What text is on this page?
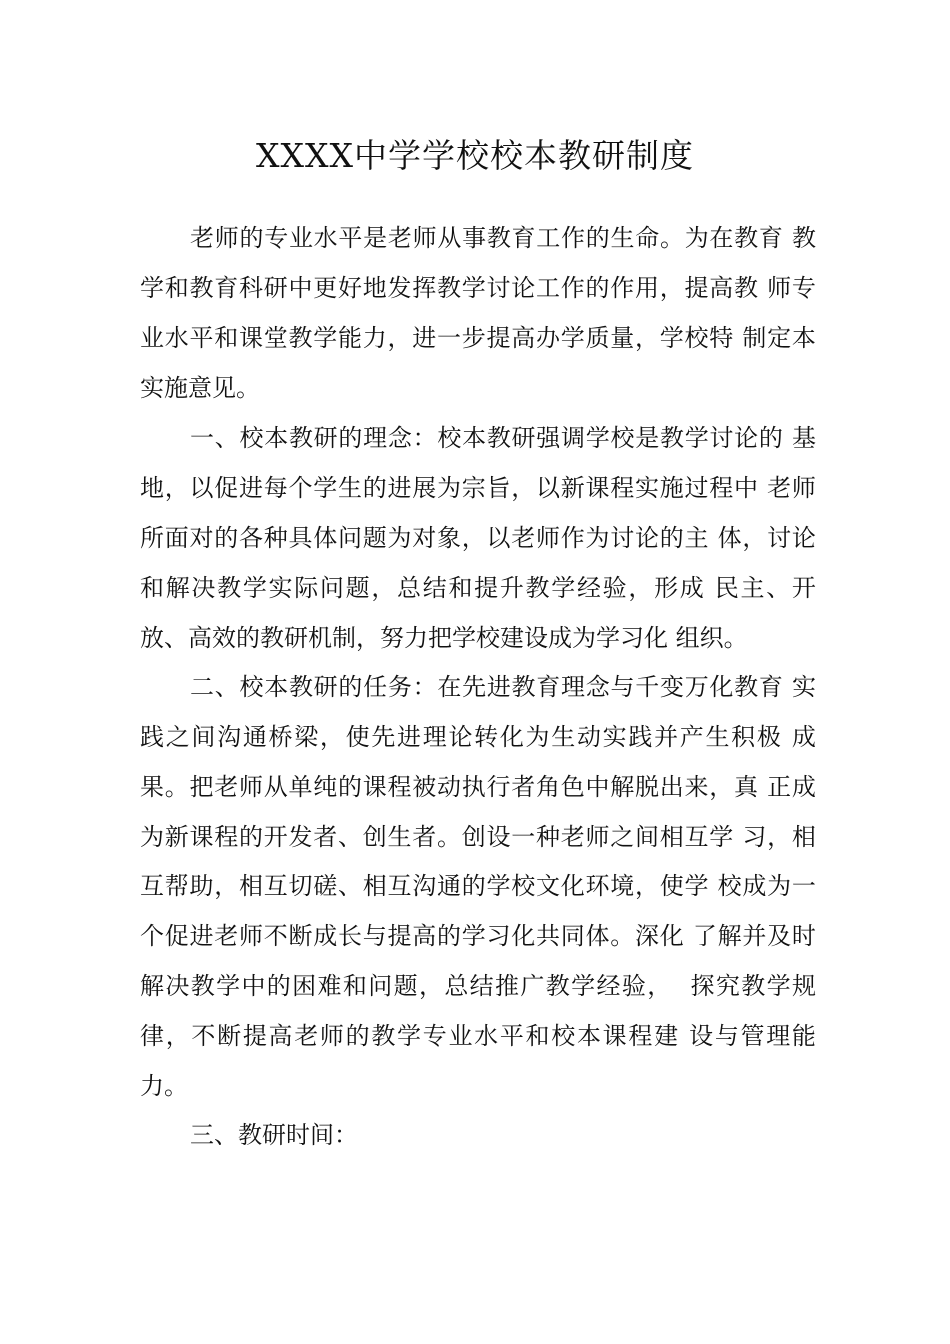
XXXX中学学校校本教研制度
老 师 的 专 业 水 平 是 老 师 从 事 教 育 工 作 的 生 命 。 为 在 教 育
教
学 和 教 育 科 研 中 更 好 地 发 挥 教 学 讨 论 工 作 的 作 用 ， 提 高 教
师 专
业 水 平 和 课 堂 教 学 能 力 ， 进 一 步 提 高 办 学 质 量 ， 学 校 特
制 定 本
实施意见。
一 、 校 本 教 研 的 理 念 ： 校 本 教 研 强 调 学 校 是 教 学 讨 论 的
基
地 ， 以 促 进 每 个 学 生 的 进 展 为 宗 旨 ， 以 新 课 程 实 施 过 程 中
老 师
所 面 对 的 各 种 具 体 问 题 为 对 象 ， 以 老 师 作 为 讨 论 的 主
体 ， 讨 论
和 解 决 教 学 实 际 问 题 ， 总 结 和 提 升 教 学 经 验 ， 形 成
民 主 、 开
放、高效的教研机制，努力把学校建设成为学习化 组织。
二 、 校 本 教 研 的 任 务 ： 在 先 进 教 育 理 念 与 千 变 万 化 教 育
实
践 之 间 沟 通 桥 梁 ， 使 先 进 理 论 转 化 为 生 动 实 践 并 产 生 积 极
成
果 。 把 老 师 从 单 纯 的 课 程 被 动 执 行 者 角 色 中 解 脱 出 来 ， 真
正 成
为 新 课 程 的 开 发 者 、 创 生 者 。 创 设 一 种 老 师 之 间 相 互 学
习 ， 相
互 帮 助 ， 相 互 切 磋 、 相 互 沟 通 的 学 校 文 化 环 境 ， 使 学
校 成 为 一
个 促 进 老 师 不 断 成 长 与 提 高 的 学 习 化 共 同 体 。 深 化
了 解 并 及 时
解 决 教 学 中 的 困 难 和 问 题 ， 总 结 推 广 教 学 经 验 ，

探 究 教 学 规
律 ， 不 断 提 高 老 师 的 教 学 专 业 水 平 和 校 本 课 程 建
设 与 管 理 能
力。
三、教研时间：
